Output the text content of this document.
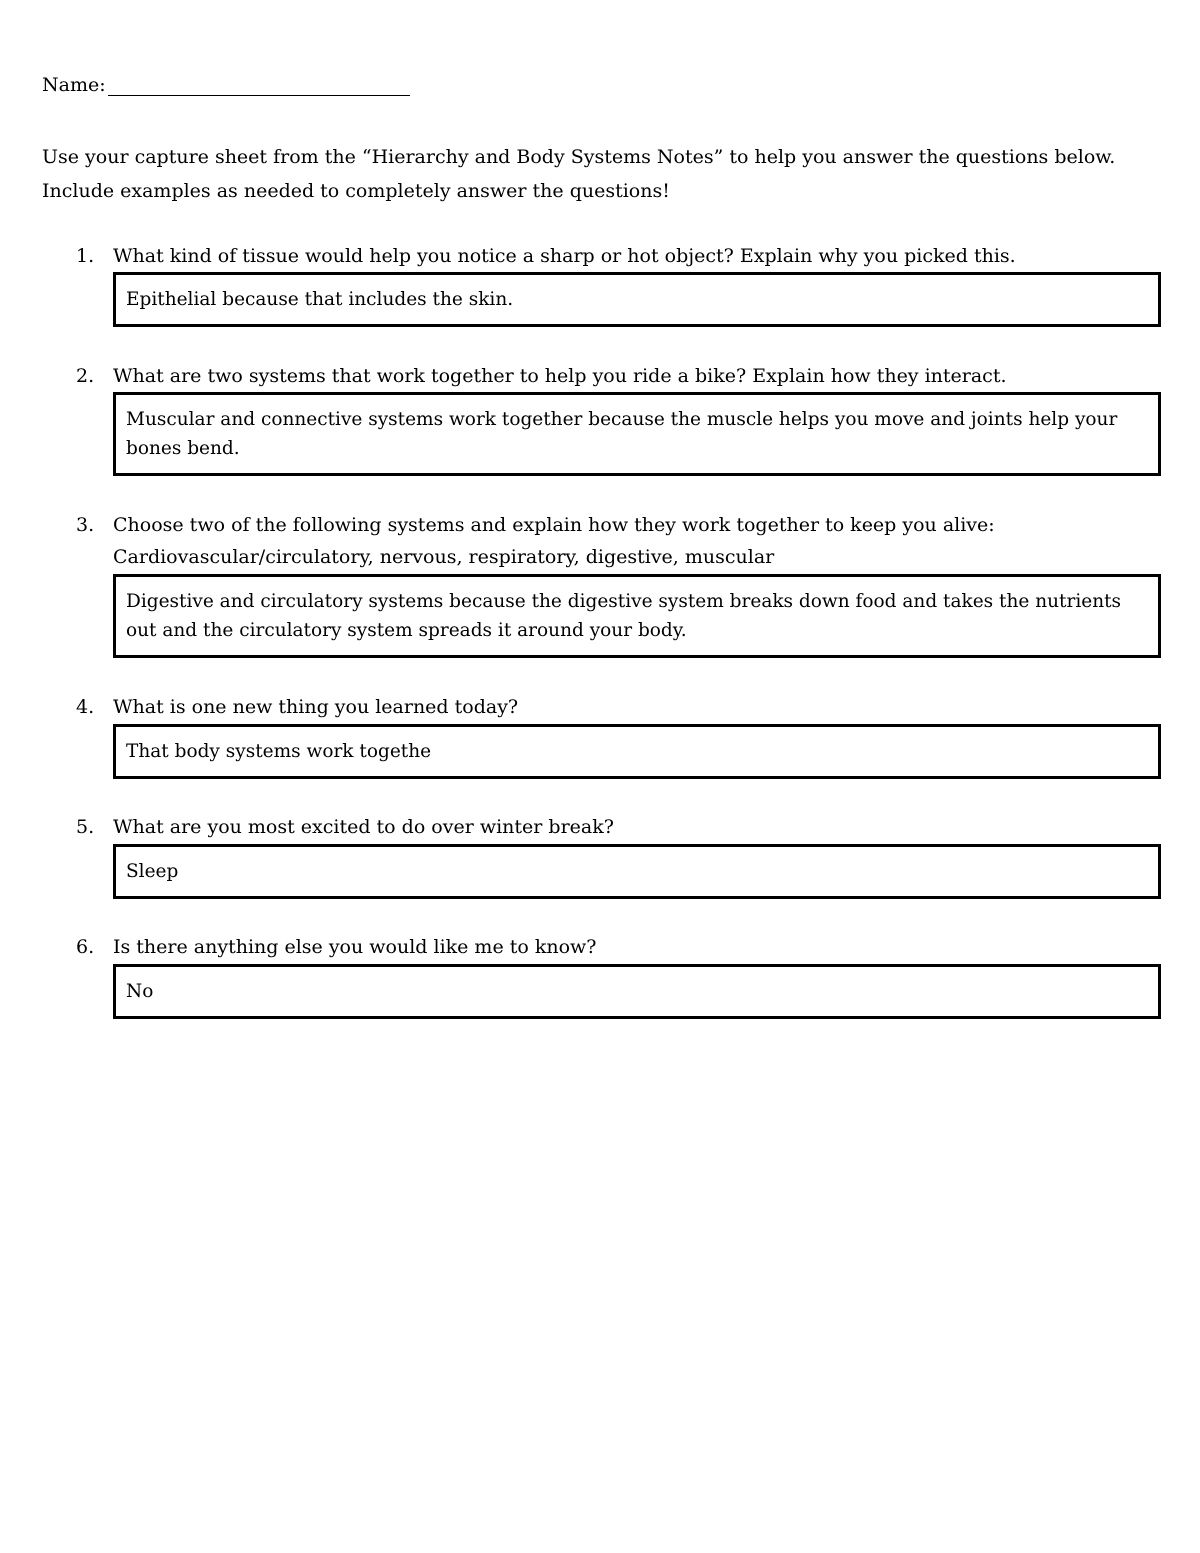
Name:

Use your capture sheet from the “Hierarchy and Body Systems Notes” to help you answer the questions below.

Include examples as needed to completely answer the questions!

1. What kind of tissue would help you notice a sharp or hot object? Explain why you picked this.
Epithelial because that includes the skin.
2. What are two systems that work together to help you ride a bike? Explain how they interact.
Muscular and connective systems work together because the muscle helps you move and joints help your bones bend.
3. Choose two of the following systems and explain how they work together to keep you alive:
Cardiovascular/circulatory, nervous, respiratory, digestive, muscular
Digestive and circulatory systems because the digestive system breaks down food and takes the nutrients out and the circulatory system spreads it around your body.
4. What is one new thing you learned today?
That body systems work togethe
5. What are you most excited to do over winter break?
Sleep
6. Is there anything else you would like me to know?
No
